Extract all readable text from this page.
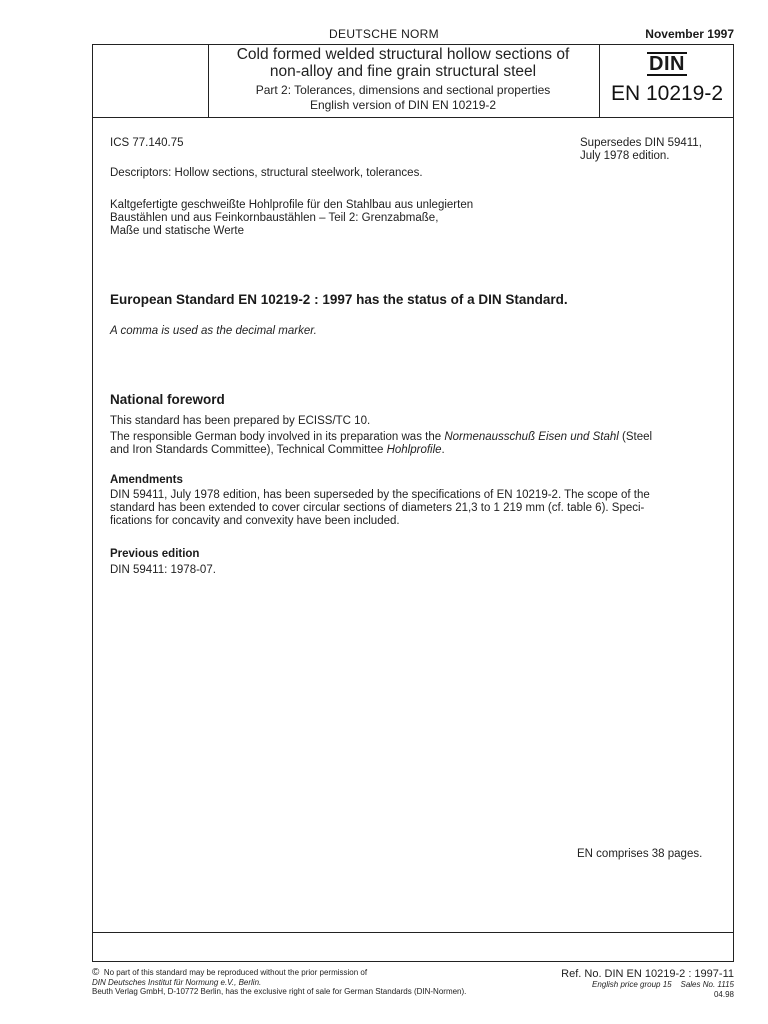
DEUTSCHE NORM	November 1997
Cold formed welded structural hollow sections of
non-alloy and fine grain structural steel
Part 2: Tolerances, dimensions and sectional properties
English version of DIN EN 10219-2
DIN
EN 10219-2
ICS 77.140.75	Supersedes DIN 59411,
July 1978 edition.
Descriptors: Hollow sections, structural steelwork, tolerances.
Kaltgefertigte geschweißte Hohlprofile für den Stahlbau aus unlegierten
Baustählen und aus Feinkornbaustählen – Teil 2: Grenzabmaße,
Maße und statische Werte
European Standard EN 10219-2 : 1997 has the status of a DIN Standard.
A comma is used as the decimal marker.
National foreword
This standard has been prepared by ECISS/TC 10.
The responsible German body involved in its preparation was the Normenausschuß Eisen und Stahl (Steel
and Iron Standards Committee), Technical Committee Hohlprofile.
Amendments
DIN 59411, July 1978 edition, has been superseded by the specifications of EN 10219-2. The scope of the
standard has been extended to cover circular sections of diameters 21,3 to 1 219 mm (cf. table 6). Speci-
fications for concavity and convexity have been included.
Previous edition
DIN 59411: 1978-07.
EN comprises 38 pages.
© No part of this standard may be reproduced without the prior permission of
DIN Deutsches Institut für Normung e.V., Berlin.
Beuth Verlag GmbH, D-10772 Berlin, has the exclusive right of sale for German Standards (DIN-Normen).
Ref. No. DIN EN 10219-2 : 1997-11
English price group 15 Sales No. 1115
04.98
